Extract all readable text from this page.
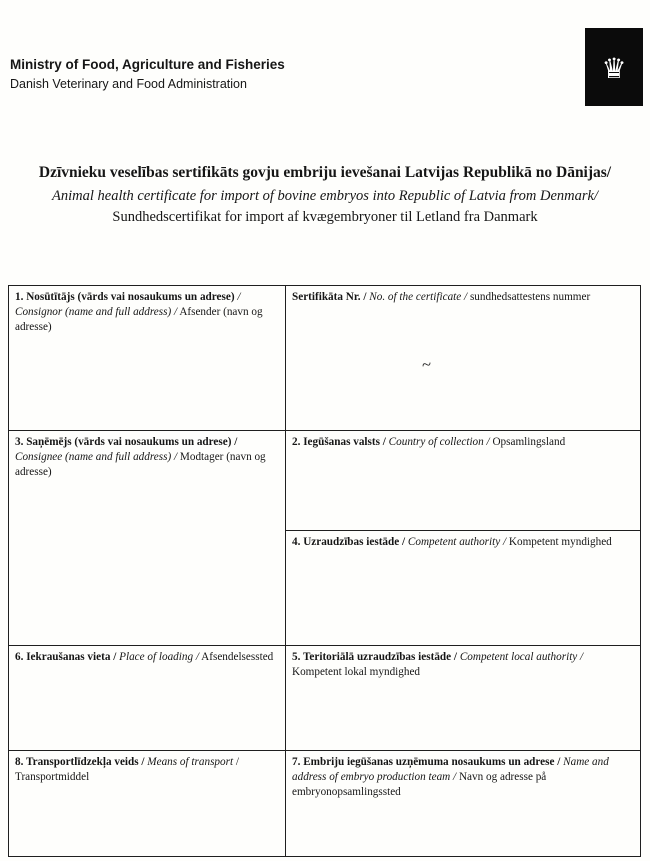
Ministry of Food, Agriculture and Fisheries
Danish Veterinary and Food Administration	♛
Dzīvnieku veselības sertifikāts govju embriju ievešanai Latvijas Republikā no Dānijas/
Animal health certificate for import of bovine embryos into Republic of Latvia from Denmark/
Sundhedscertifikat for import af kvægembryoner til Letland fra Danmark
1. Nosūtītājs (vārds vai nosaukums un adrese) / Consignor (name and full address) / Afsender (navn og adresse)
3. Saņēmējs (vārds vai nosaukums un adrese) / Consignee (name and full address) / Modtager (navn og adresse)
6. Iekraušanas vieta / Place of loading / Afsendelsessted
8. Transportlīdzekļa veids / Means of transport / Transportmiddel
Sertifikāta Nr. / No. of the certificate / sundhedsattestens nummer
~
2. Iegūšanas valsts / Country of collection / Opsamlingsland
4. Uzraudzības iestāde / Competent authority / Kompetent myndighed
5. Teritoriālā uzraudzības iestāde / Competent local authority / Kompetent lokal myndighed
7. Embriju iegūšanas uzņēmuma nosaukums un adrese / Name and address of embryo production team / Navn og adresse på embryonopsamlingssted
